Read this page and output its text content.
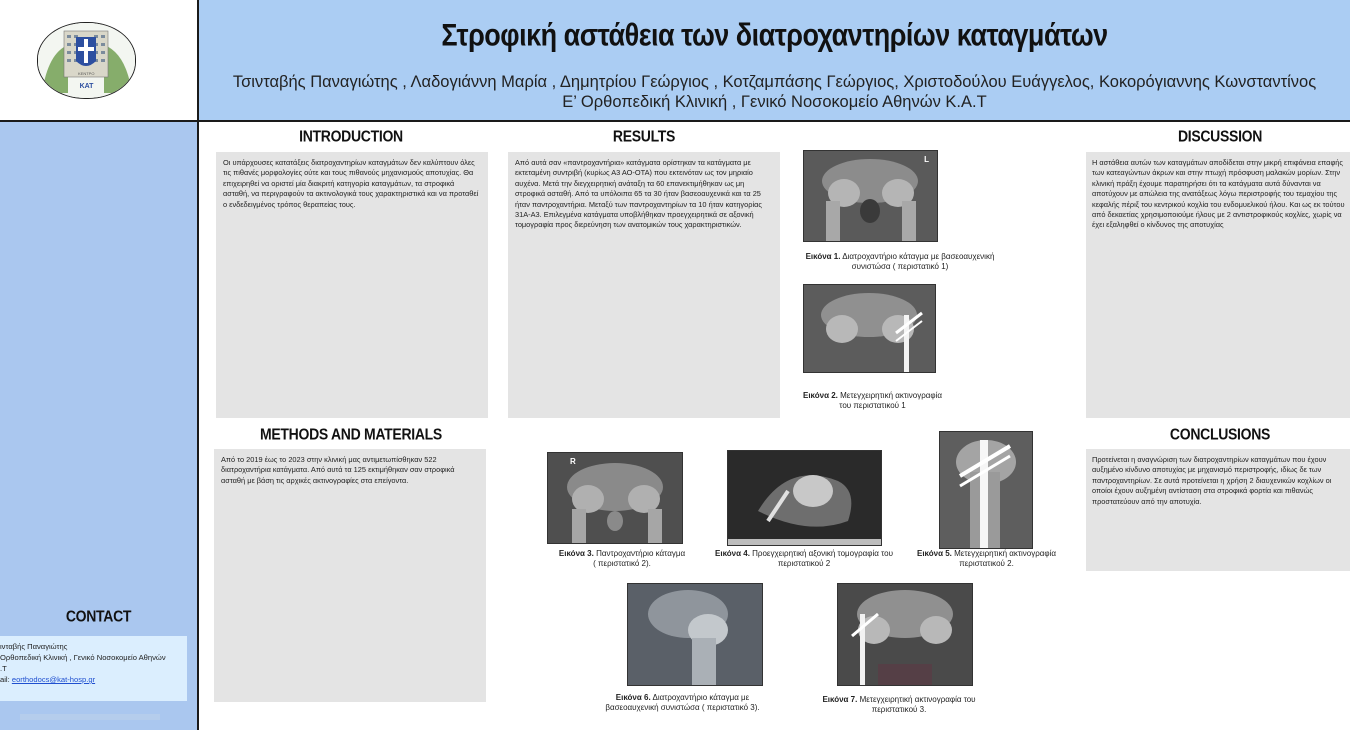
ΚΕΝΤΡΟ
KAT
Στροφική αστάθεια των διατροχαντηρίων καταγμάτων
Τσινταβής Παναγιώτης , Λαδογιάννη Μαρία , Δημητρίου Γεώργιος , Κοτζαμπάσης Γεώργιος, Χριστοδούλου Ευάγγελος, Κοκορόγιαννης Κωνσταντίνος
Ε’ Ορθοπεδική Κλινική , Γενικό Νοσοκομείο Αθηνών Κ.Α.Τ
INTRODUCTION
Οι υπάρχουσες κατατάξεις διατροχαντηρίων καταγμάτων δεν καλύπτουν όλες τις πιθανές μορφολογίες ούτε και τους πιθανούς μηχανισμούς αποτυχίας. Θα επιχειρηθεί να οριστεί μία διακριτή κατηγορία καταγμάτων, τα στροφικά ασταθή, να περιγραφούν τα ακτινολογικά τους χαρακτηριστικά και να προταθεί ο ενδεδειγμένος τρόπος θεραπείας τους.
METHODS AND MATERIALS
Από το 2019 έως το 2023 στην κλινική μας αντιμετωπίσθηκαν 522 διατροχαντήρια κατάγματα. Από αυτά τα 125 εκτιμήθηκαν σαν στροφικά ασταθή με βάση τις αρχικές ακτινογραφίες στα επείγοντα.
RESULTS
Από αυτά σαν «παντροχαντήρια» κατάγματα ορίστηκαν τα κατάγματα με εκτεταμένη συντριβή (κυρίως Α3 ΑΟ-ΟΤΑ) που εκτεινόταν ως τον μηριαίο αυχένα. Μετά την διεγχειρητική ανάταξη τα 60 επανεκτιμήθηκαν ως μη στροφικά ασταθή. Από τα υπόλοιπα 65 τα 30 ήταν βασεοαυχενικά και τα 25 ήταν παντροχαντήρια. Μεταξύ των παντροχαντηρίων τα 10 ήταν κατηγορίας 31Α-Α3. Επιλεγμένα κατάγματα υποβλήθηκαν προεγχειρητικά σε αξονική τομογραφία προς διερεύνηση των ανατομικών τους χαρακτηριστικών.
L
Εικόνα 1. Διατροχαντήριο κάταγμα με βασεοαυχενική
συνιστώσα ( περιστατικό 1)
Εικόνα 2. Μετεγχειρητική ακτινογραφία
του περιστατικού 1
R
Εικόνα 3. Παντροχαντήριο κάταγμα
( περιστατικό 2).
Εικόνα 4. Προεγχειρητική αξονική τομογραφία του
περιστατικού 2
Εικόνα 5. Μετεγχειρητική ακτινογραφία
περιστατικού 2.
Εικόνα 6. Διατροχαντήριο κάταγμα με
βασεοαυχενική συνιστώσα ( περιστατικό 3).
Εικόνα 7. Μετεγχειρητική ακτινογραφία του
περιστατικού 3.
DISCUSSION
Η αστάθεια αυτών των καταγμάτων αποδίδεται στην μικρή επιφάνεια επαφής των κατεαγώντων άκρων και στην πτωχή πρόσφυση μαλακών μορίων. Στην κλινική πράξη έχουμε παρατηρήσει ότι τα κατάγματα αυτά δύνανται να αποτύχουν με απώλεια της ανατάξεως λόγω περιστροφής του τεμαχίου της κεφαλής πέριξ του κεντρικού κοχλία του ενδομυελικού ήλου. Και ως εκ τούτου από δεκαετίας χρησιμοποιούμε ήλους με 2 αντιστροφικούς κοχλίες, χωρίς να έχει εξαληφθεί ο κίνδυνος της αποτυχίας
CONCLUSIONS
Προτείνεται η αναγνώριση των διατροχαντηρίων καταγμάτων που έχουν αυξημένο κίνδυνο αποτυχίας με μηχανισμό περιστροφής, ιδίως δε των παντροχαντηρίων. Σε αυτά προτείνεται η χρήση 2 διαυχενικών κοχλίων οι οποίοι έχουν αυξημένη αντίσταση στα στροφικά φορτία και πιθανώς προστατεύουν από την αποτυχία.
CONTACT
ινταβής Παναγιώτης
Ορθοπεδική Κλινική , Γενικό Νοσοκομείο Αθηνών
.Τ
ail: eorthodocs@kat-hosp.gr
